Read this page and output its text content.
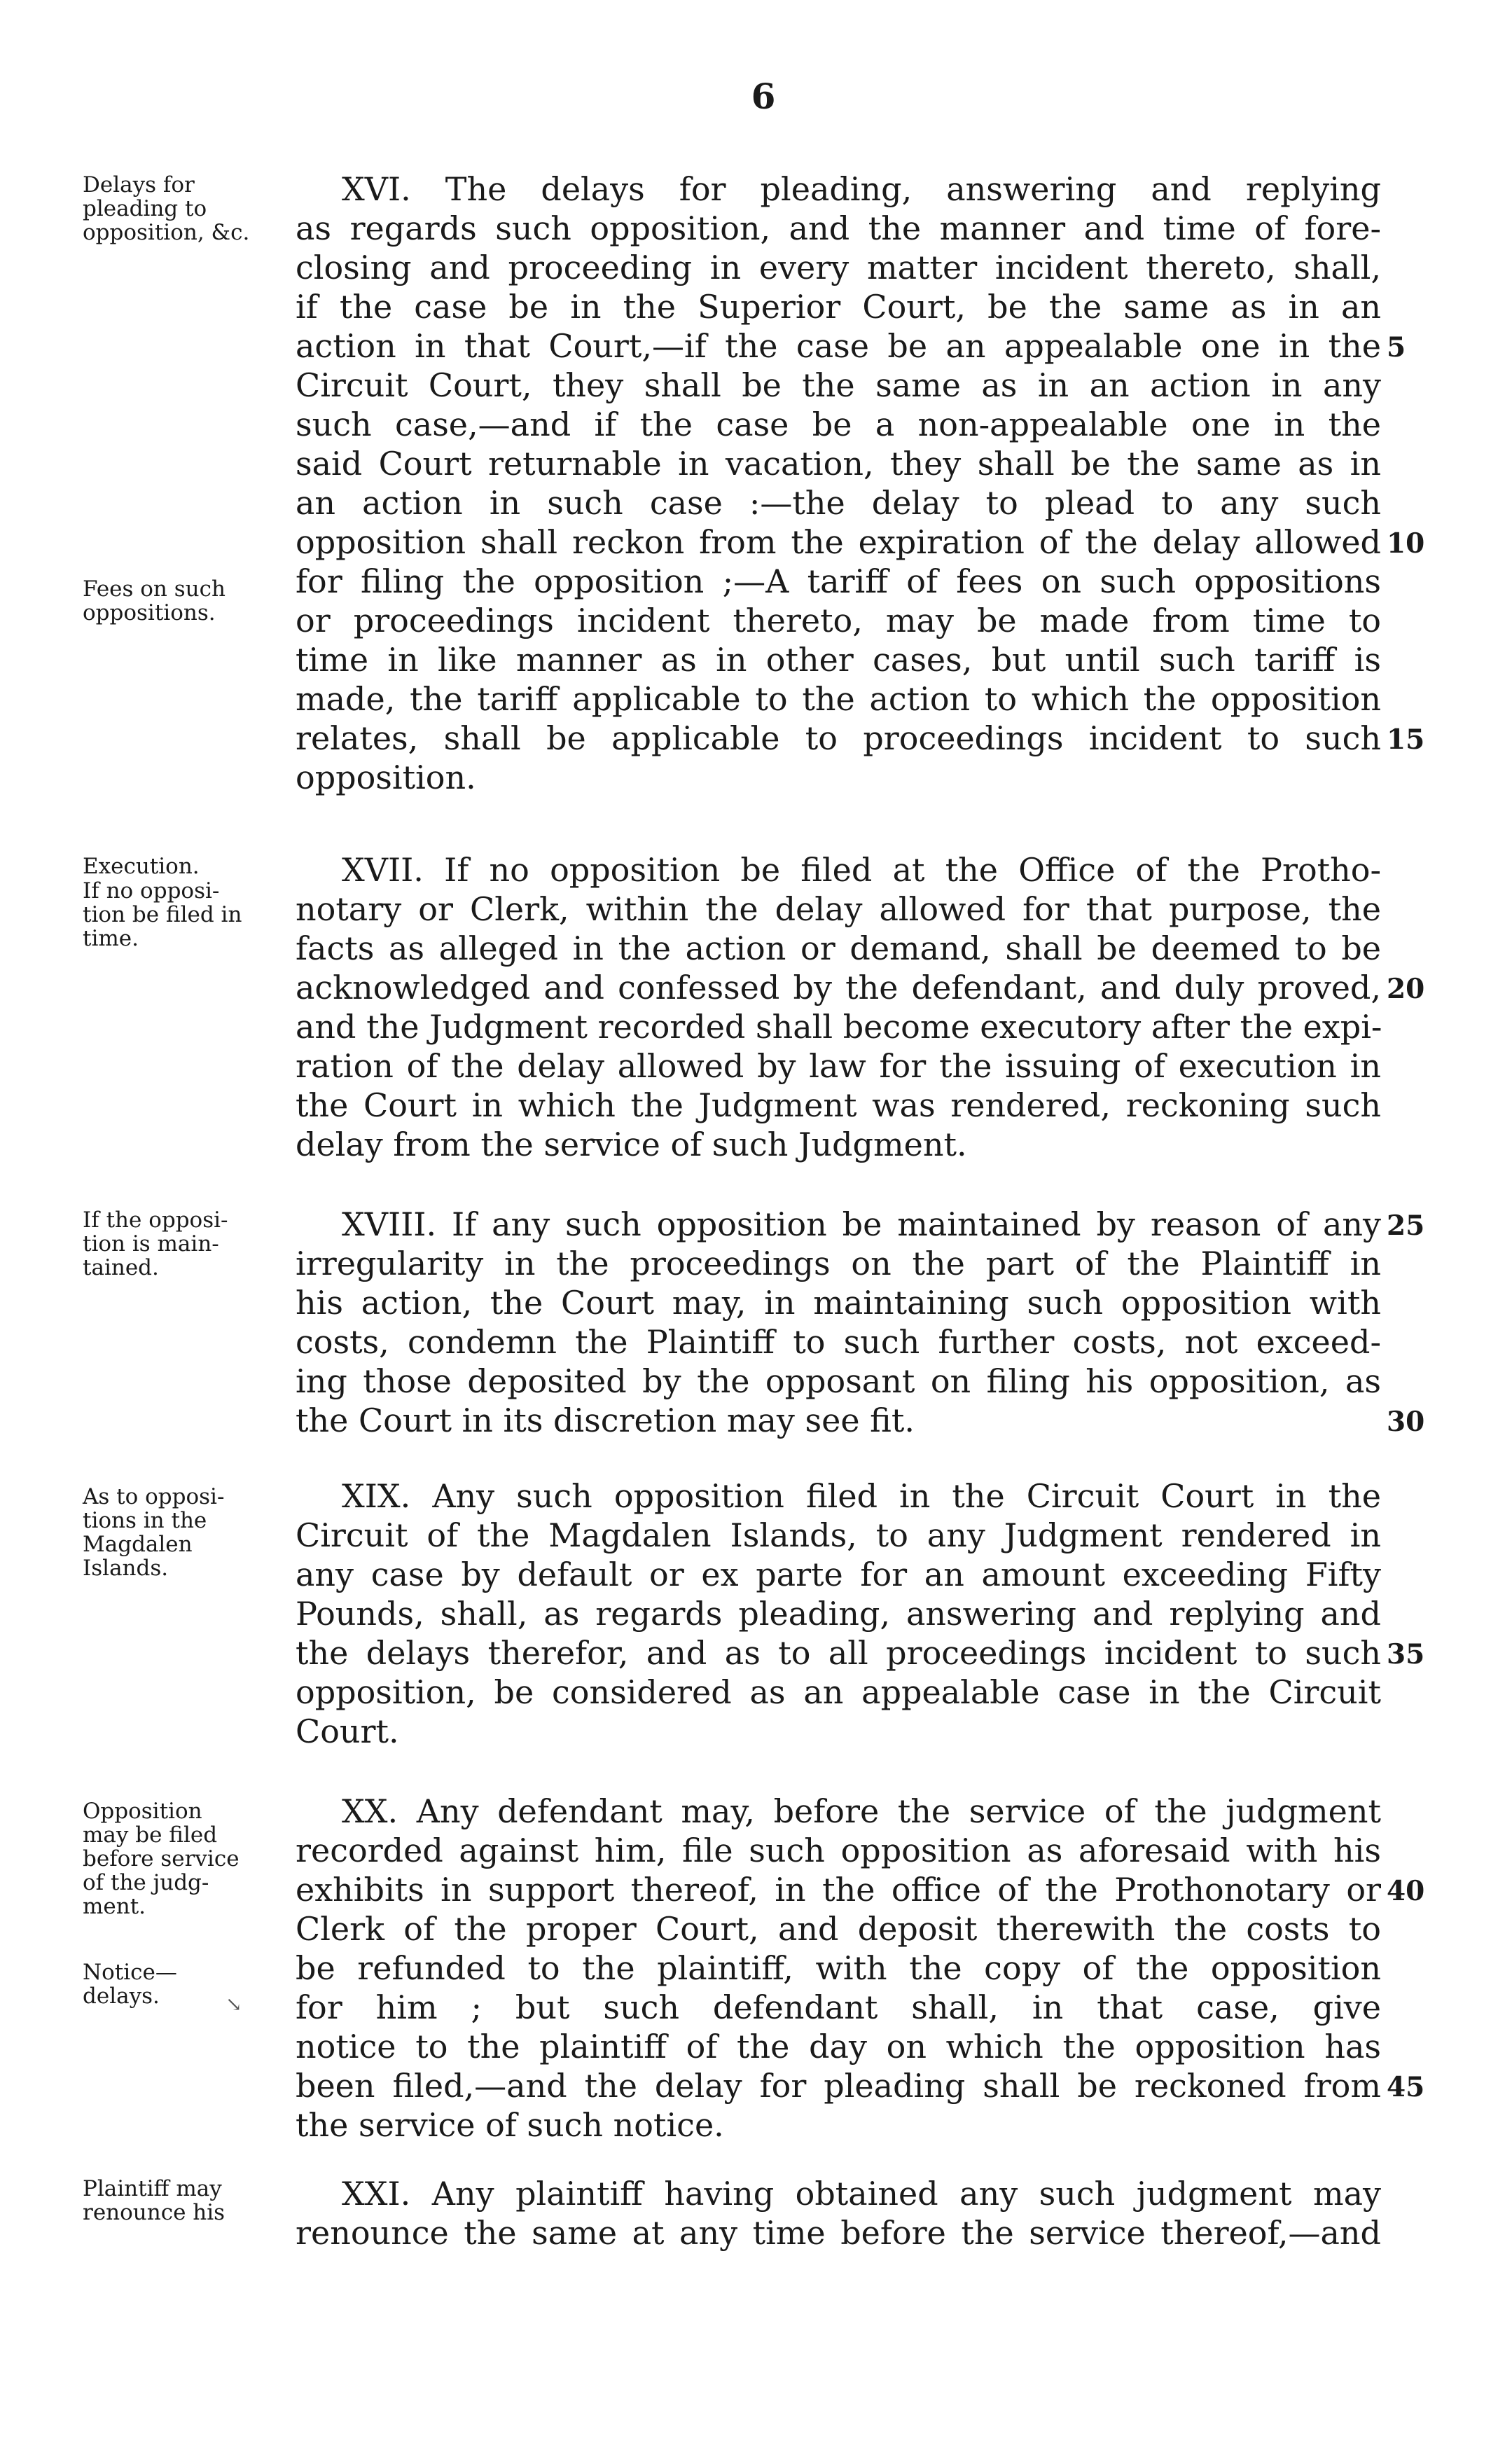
6
Delays for
pleading to
opposition, &c.
Fees on such
oppositions.
Execution.
If no opposi-
tion be filed in
time.
If the opposi-
tion is main-
tained.
As to opposi-
tions in the
Magdalen
Islands.
Opposition
may be filed
before service
of the judg-
ment.
Notice—
delays.
Plaintiff may
renounce his
XVI. The delays for pleading, answering and replying
as regards such opposition, and the manner and time of fore-
closing and proceeding in every matter incident thereto, shall,
if the case be in the Superior Court, be the same as in an
action in that Court,—if the case be an appealable one in the
Circuit Court, they shall be the same as in an action in any
such case,—and if the case be a non-appealable one in the
said Court returnable in vacation, they shall be the same as in
an action in such case :—the delay to plead to any such
opposition shall reckon from the expiration of the delay allowed
for filing the opposition ;—A tariff of fees on such oppositions
or proceedings incident thereto, may be made from time to
time in like manner as in other cases, but until such tariff is
made, the tariff applicable to the action to which the opposition
relates, shall be applicable to proceedings incident to such
opposition.
XVII. If no opposition be filed at the Office of the Protho-
notary or Clerk, within the delay allowed for that purpose, the
facts as alleged in the action or demand, shall be deemed to be
acknowledged and confessed by the defendant, and duly proved,
and the Judgment recorded shall become executory after the expi-
ration of the delay allowed by law for the issuing of execution in
the Court in which the Judgment was rendered, reckoning such
delay from the service of such Judgment.
XVIII. If any such opposition be maintained by reason of any
irregularity in the proceedings on the part of the Plaintiff in
his action, the Court may, in maintaining such opposition with
costs, condemn the Plaintiff to such further costs, not exceed-
ing those deposited by the opposant on filing his opposition, as
the Court in its discretion may see fit.
XIX. Any such opposition filed in the Circuit Court in the
Circuit of the Magdalen Islands, to any Judgment rendered in
any case by default or ex parte for an amount exceeding Fifty
Pounds, shall, as regards pleading, answering and replying and
the delays therefor, and as to all proceedings incident to such
opposition, be considered as an appealable case in the Circuit
Court.
XX. Any defendant may, before the service of the judgment
recorded against him, file such opposition as aforesaid with his
exhibits in support thereof, in the office of the Prothonotary or
Clerk of the proper Court, and deposit therewith the costs to
be refunded to the plaintiff, with the copy of the opposition
for him ; but such defendant shall, in that case, give
notice to the plaintiff of the day on which the opposition has
been filed,—and the delay for pleading shall be reckoned from
the service of such notice.
XXI. Any plaintiff having obtained any such judgment may
renounce the same at any time before the service thereof,—and
5
10
15
20
25
30
35
40
45
↘
